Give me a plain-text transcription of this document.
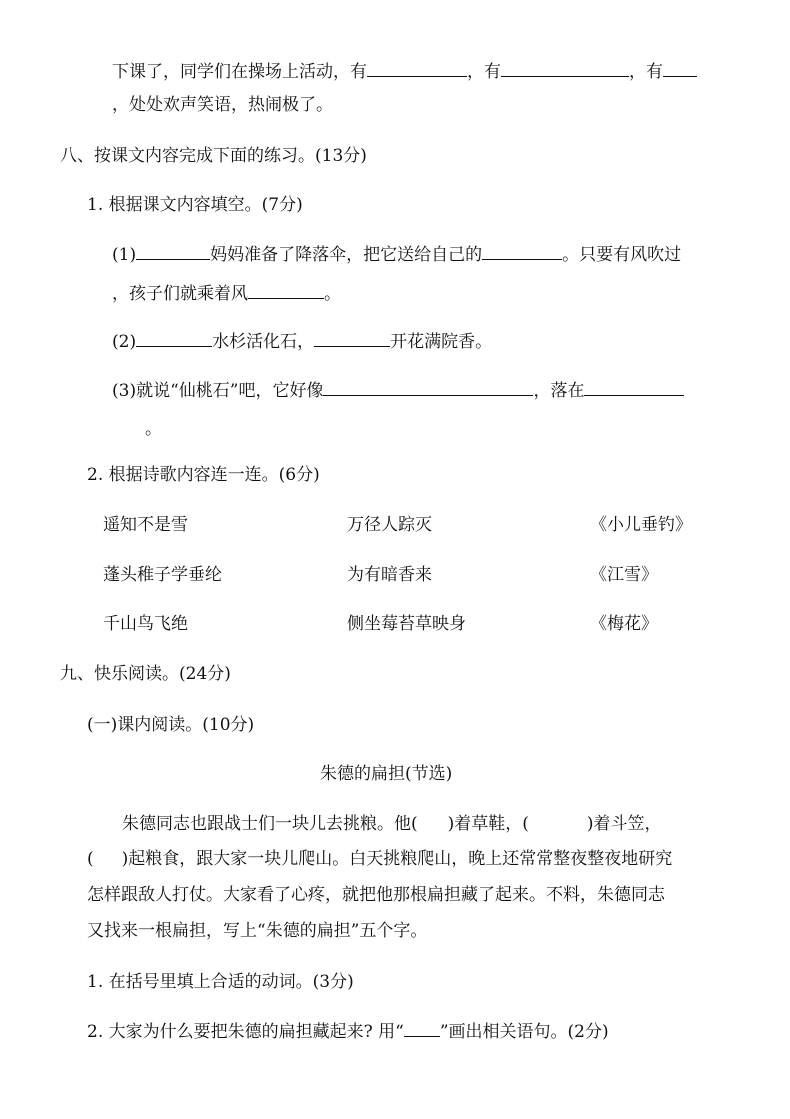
下课了，同学们在操场上活动，有	，有	，有
，处处欢声笑语，热闹极了。
八、按课文内容完成下面的练习。(13分)
1. 根据课文内容填空。(7分)
(1)	妈妈准备了降落伞，把它送给自己的	。只要有风吹过
，孩子们就乘着风	。
(2)	水杉活化石，	开花满院香。
(3)就说“仙桃石”吧，它好像	，落在
。
2. 根据诗歌内容连一连。(6分)
遥知不是雪	万径人踪灭	《小儿垂钓》
蓬头稚子学垂纶	为有暗香来	《江雪》
千山鸟飞绝	侧坐莓苔草映身	《梅花》
九、快乐阅读。(24分)
(一)课内阅读。(10分)
朱德的扁担(节选)
朱德同志也跟战士们一块儿去挑粮。他( )着草鞋，(	)着斗笠，
( )起粮食，跟大家一块儿爬山。白天挑粮爬山，晚上还常常整夜整夜地研究
怎样跟敌人打仗。大家看了心疼，就把他那根扁担藏了起来。不料，朱德同志
又找来一根扁担，写上“朱德的扁担”五个字。
1. 在括号里填上合适的动词。(3分)
2. 大家为什么要把朱德的扁担藏起来? 用“ ”画出相关语句。(2分)
